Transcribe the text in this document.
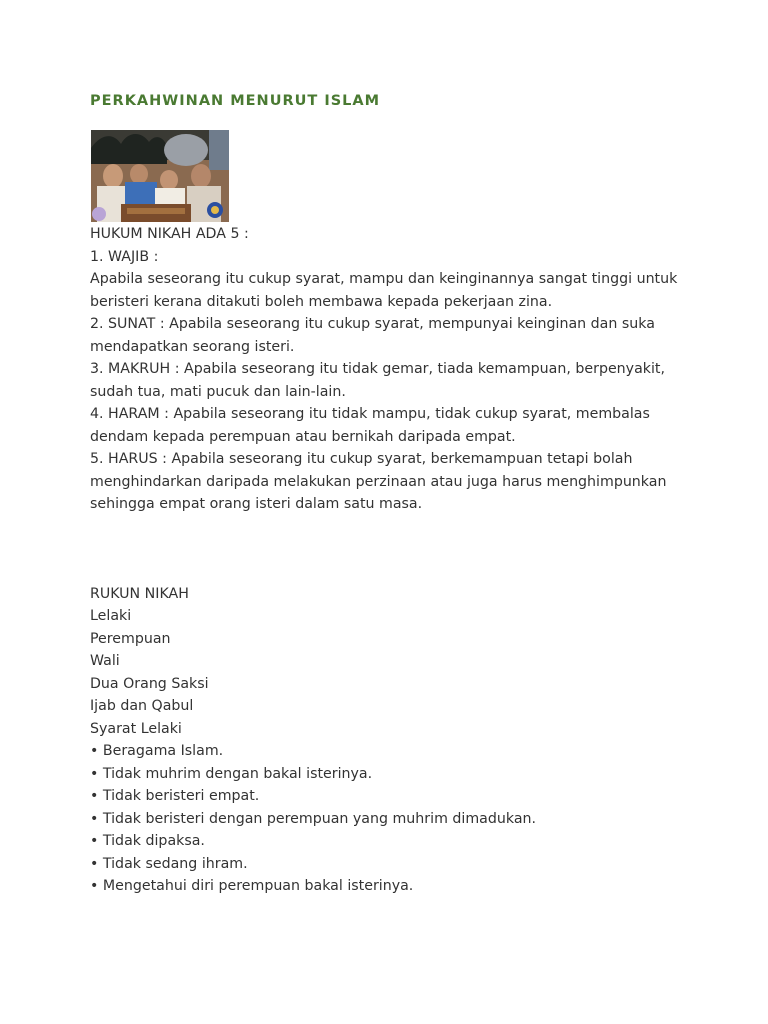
PERKAHWINAN MENURUT ISLAM

HUKUM NIKAH ADA 5 :

1. WAJIB :

Apabila seseorang itu cukup syarat, mampu dan keinginannya sangat tinggi untuk beristeri kerana ditakuti boleh membawa kepada pekerjaan zina.

2. SUNAT : Apabila seseorang itu cukup syarat, mempunyai keinginan dan suka mendapatkan seorang isteri.

3. MAKRUH : Apabila seseorang itu tidak gemar, tiada kemampuan, berpenyakit, sudah tua, mati pucuk dan lain-lain.

4. HARAM : Apabila seseorang itu tidak mampu, tidak cukup syarat, membalas dendam kepada perempuan atau bernikah daripada empat.

5. HARUS : Apabila seseorang itu cukup syarat, berkemampuan tetapi bolah menghindarkan daripada melakukan perzinaan atau juga harus menghimpunkan sehingga empat orang isteri dalam satu masa.

RUKUN NIKAH

Lelaki

Perempuan

Wali

Dua Orang Saksi

Ijab dan Qabul

Syarat Lelaki

• Beragama Islam.

• Tidak muhrim dengan bakal isterinya.

• Tidak beristeri empat.

• Tidak beristeri dengan perempuan yang muhrim dimadukan.

• Tidak dipaksa.

• Tidak sedang ihram.

• Mengetahui diri perempuan bakal isterinya.
